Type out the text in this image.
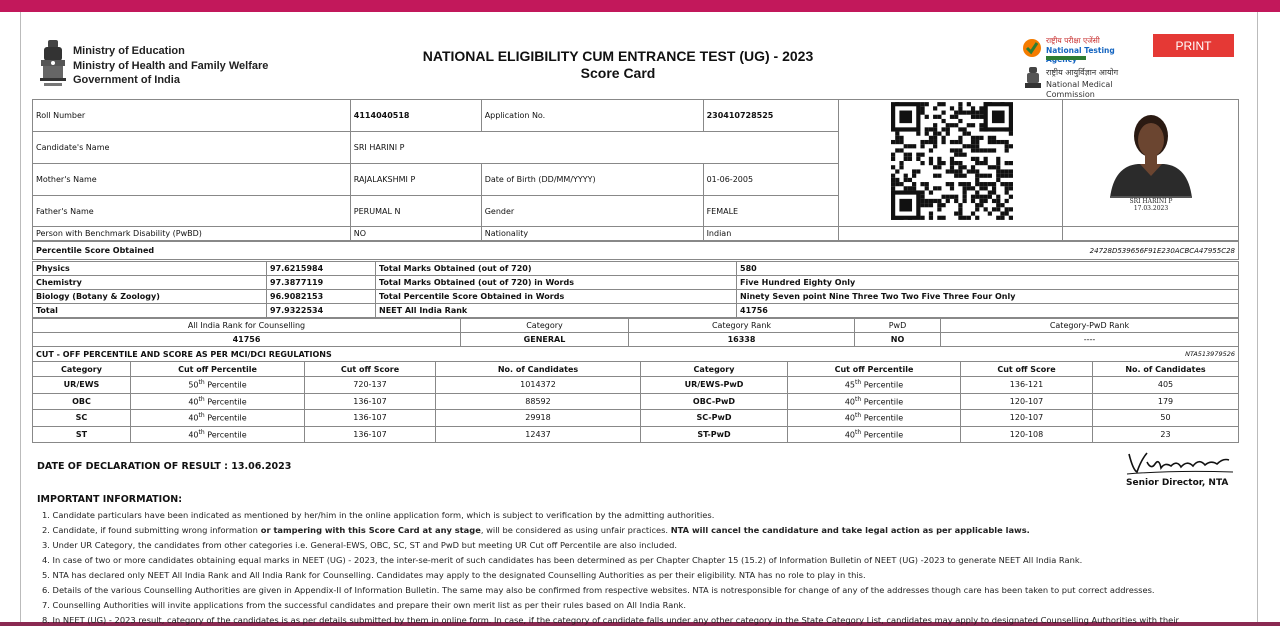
Ministry of Education
Ministry of Health and Family Welfare
Government of India
NATIONAL ELIGIBILITY CUM ENTRANCE TEST (UG) - 2023
Score Card
राष्ट्रीय परीक्षा एजेंसी
National Testing
राष्ट्रीय आयुर्विज्ञान आयोग
National Medical Commission
PRINT
Roll Number	4114040518	Application No.	230410728525		
Candidate's Name	SRI HARINI P				
Mother's Name	RAJALAKSHMI P	Date of Birth (DD/MM/YYYY)	01-06-2005		
Father's Name	PERUMAL N	Gender	FEMALE		
Person with Benchmark Disability (PwBD)	NO	Nationality	Indian		
SRI HARINI P
17.03.2023
Percentile Score Obtained	24728D539656F91E230ACBCA47955C28
Physics	97.6215984	Total Marks Obtained (out of 720)	580
Chemistry	97.3877119	Total Marks Obtained (out of 720) in Words	Five Hundred Eighty Only
Biology (Botany & Zoology)	96.9082153	Total Percentile Score Obtained in Words	Ninety Seven point Nine Three Two Two Five Three Four Only
Total	97.9322534	NEET All India Rank	41756
All India Rank for Counselling	Category	Category Rank	PwD	Category-PwD Rank
41756	GENERAL	16338	NO	----
CUT - OFF PERCENTILE AND SCORE AS PER MCI/DCI REGULATIONS	NTA513979526
Category	Cut off Percentile	Cut off Score	No. of Candidates	Category	Cut off Percentile	Cut off Score	No. of Candidates
UR/EWS	50th Percentile	720-137	1014372	UR/EWS-PwD	45th Percentile	136-121	405
OBC	40th Percentile	136-107	88592	OBC-PwD	40th Percentile	120-107	179
SC	40th Percentile	136-107	29918	SC-PwD	40th Percentile	120-107	50
ST	40th Percentile	136-107	12437	ST-PwD	40th Percentile	120-108	23
DATE OF DECLARATION OF RESULT : 13.06.2023
Senior Director, NTA
IMPORTANT INFORMATION:
1. Candidate particulars have been indicated as mentioned by her/him in the online application form, which is subject to verification by the admitting authorities.
2. Candidate, if found submitting wrong information or tampering with this Score Card at any stage, will be considered as using unfair practices. NTA will cancel the candidature and take legal action as per applicable laws.
3. Under UR Category, the candidates from other categories i.e. General-EWS, OBC, SC, ST and PwD but meeting UR Cut off Percentile are also included.
4. In case of two or more candidates obtaining equal marks in NEET (UG) - 2023, the inter-se-merit of such candidates has been determined as per Chapter Chapter 15 (15.2) of Information Bulletin of NEET (UG) -2023 to generate NEET All India Rank.
5. NTA has declared only NEET All India Rank and All India Rank for Counselling. Candidates may apply to the designated Counselling Authorities as per their eligibility. NTA has no role to play in this.
6. Details of the various Counselling Authorities are given in Appendix-II of Information Bulletin. The same may also be confirmed from respective websites. NTA is notresponsible for change of any of the addresses though care has been taken to put correct addresses.
7. Counselling Authorities will invite applications from the successful candidates and prepare their own merit list as per their rules based on All India Rank.
8. In NEET (UG) - 2023 result, category of the candidates is as per details submitted by them in online form. In case, if the category of candidate falls under any other category in the State Category List, candidates may apply to designated Counselling Authorities with their
